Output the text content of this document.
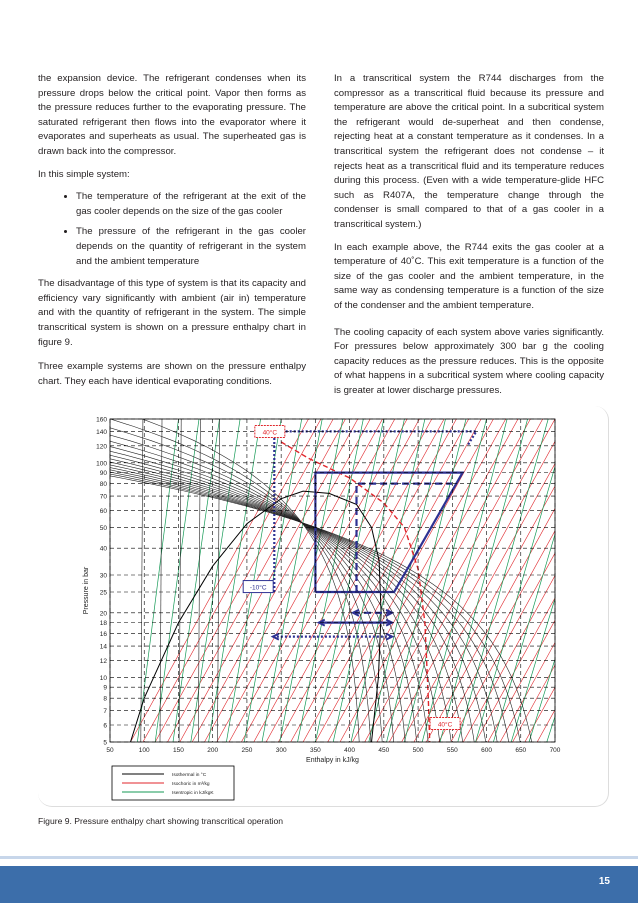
the expansion device. The refrigerant condenses when its pressure drops below the critical point. Vapor then forms as the pressure reduces further to the evaporating pressure. The saturated refrigerant then flows into the evaporator where it evaporates and superheats as usual. The superheated gas is drawn back into the compressor.

In this simple system:

• The temperature of the refrigerant at the exit of the gas cooler depends on the size of the gas cooler
• The pressure of the refrigerant in the gas cooler depends on the quantity of refrigerant in the system and the ambient temperature

The disadvantage of this type of system is that its capacity and efficiency vary significantly with ambient (air in) temperature and with the quantity of refrigerant in the system. The simple transcritical system is shown on a pressure enthalpy chart in figure 9.

Three example systems are shown on the pressure enthalpy chart. They each have identical evaporating conditions.

In a transcritical system the R744 discharges from the compressor as a transcritical fluid because its pressure and temperature are above the critical point. In a subcritical system the refrigerant would de-superheat and then condense, rejecting heat at a constant temperature as it condenses. In a transcritical system the refrigerant does not condense – it rejects heat as a transcritical fluid and its temperature reduces during this process. (Even with a wide temperature-glide HFC such as R407A, the temperature change through the condenser is small compared to that of a gas cooler in a transcritical system.)

In each example above, the R744 exits the gas cooler at a temperature of 40˚C. This exit temperature is a function of the size of the gas cooler and the ambient temperature, in the same way as condensing temperature is a function of the size of the condenser and the ambient temperature.

The cooling capacity of each system above varies significantly. For pressures below approximately 300 bar g the cooling capacity reduces as the pressure reduces. This is the opposite of what happens in a subcritical system where cooling capacity is greater at lower discharge pressures.

50	100	150	200	250	300	350	400	450	500	550	600	650	700
5
6
7
8
9
10
12
14
16
18
20
25
30
40
50
60
70
80
90
100
120
140
160
40°C
-10°C
40°C
Enthalpy in kJ/kg
Pressure in bar
Isothermal in °C
Isochoric in m³/kg
Isentropic in kJ/kgK
Figure 9. Pressure enthalpy chart showing transcritical operation
15
